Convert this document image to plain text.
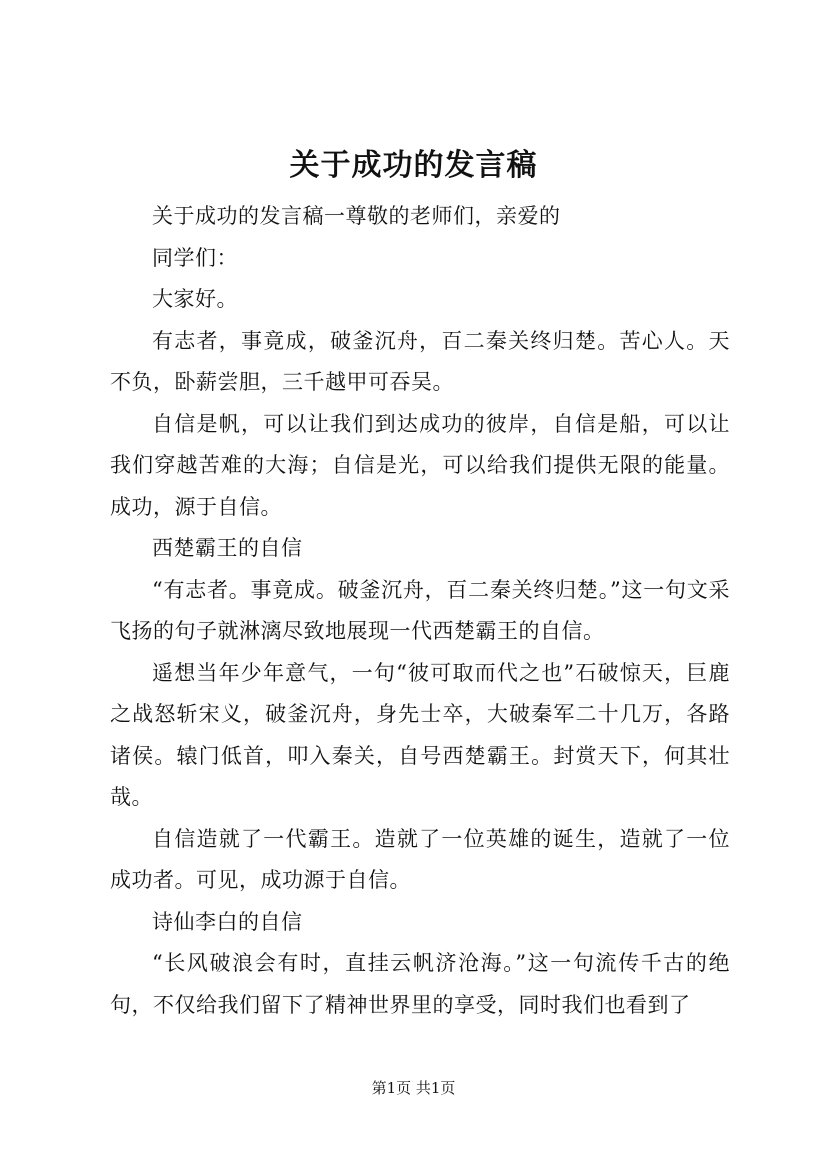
关于成功的发言稿

关于成功的发言稿一尊敬的老师们，亲爱的

同学们：

大家好。

有志者，事竟成，破釜沉舟，百二秦关终归楚。苦心人。天不负，卧薪尝胆，三千越甲可吞吴。

自信是帆，可以让我们到达成功的彼岸，自信是船，可以让我们穿越苦难的大海；自信是光，可以给我们提供无限的能量。成功，源于自信。

西楚霸王的自信

“有志者。事竟成。破釜沉舟，百二秦关终归楚。”这一句文采飞扬的句子就淋漓尽致地展现一代西楚霸王的自信。

遥想当年少年意气，一句“彼可取而代之也”石破惊天，巨鹿之战怒斩宋义，破釜沉舟，身先士卒，大破秦军二十几万，各路诸侯。辕门低首，叩入秦关，自号西楚霸王。封赏天下，何其壮哉。

自信造就了一代霸王。造就了一位英雄的诞生，造就了一位成功者。可见，成功源于自信。

诗仙李白的自信

“长风破浪会有时，直挂云帆济沧海。”这一句流传千古的绝句，不仅给我们留下了精神世界里的享受，同时我们也看到了

第1页 共1页
